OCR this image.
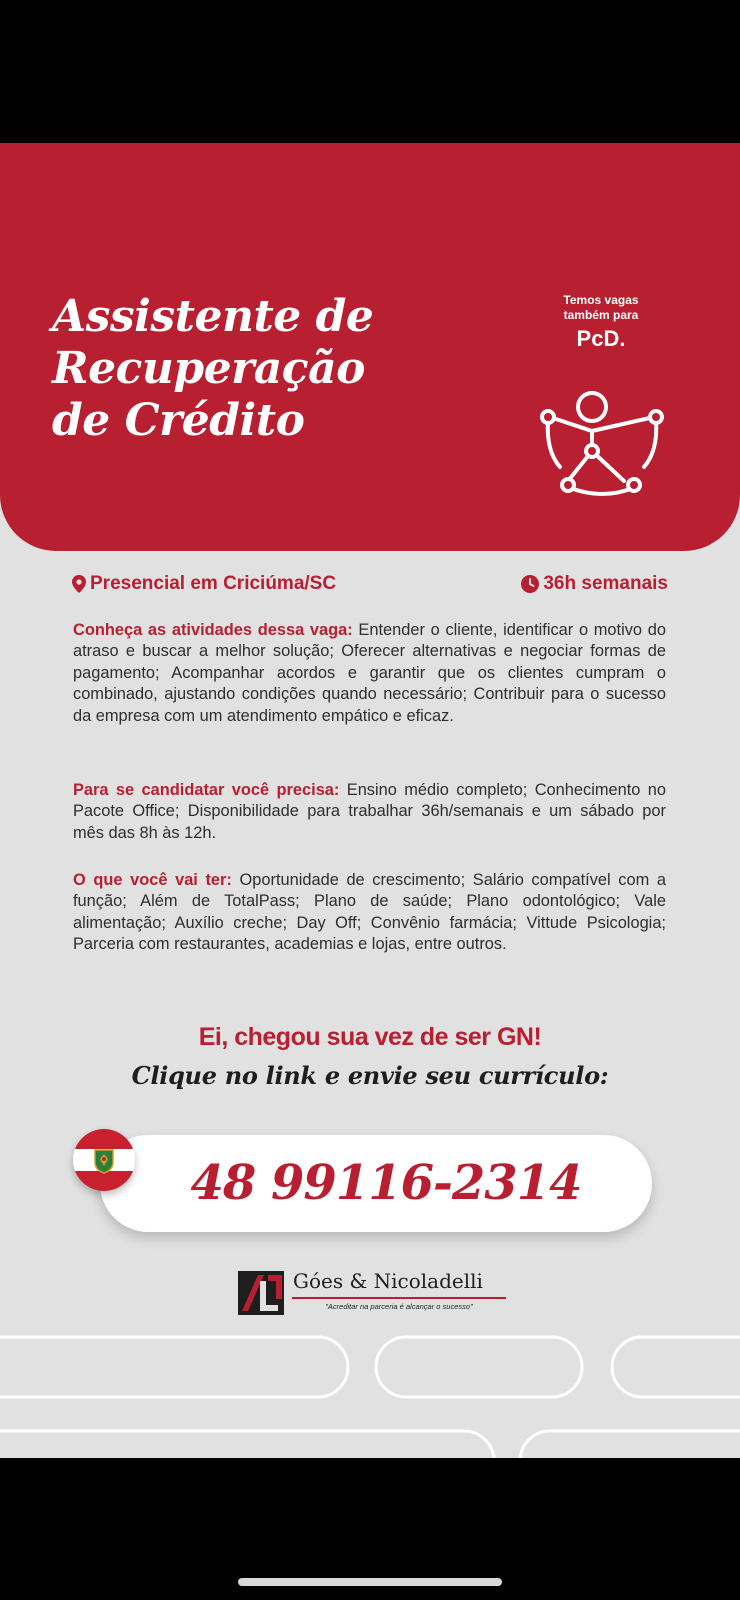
Assistente de
Recuperação
de Crédito
Temos vagas
também para
PcD.
Presencial em Criciúma/SC	36h semanais

Conheça as atividades dessa vaga: Entender o cliente, identificar o motivo do atraso e buscar a melhor solução; Oferecer alternativas e negociar formas de pagamento; Acompanhar acordos e garantir que os clientes cumpram o combinado, ajustando condições quando necessário; Contribuir para o sucesso da empresa com um atendimento empático e eficaz.

Para se candidatar você precisa: Ensino médio completo; Conhecimento no Pacote Office; Disponibilidade para trabalhar 36h/semanais e um sábado por mês das 8h às 12h.

O que você vai ter: Oportunidade de crescimento; Salário compatível com a função; Além de TotalPass; Plano de saúde; Plano odontológico; Vale alimentação; Auxílio creche; Day Off; Convênio farmácia; Vittude Psicologia; Parceria com restaurantes, academias e lojas, entre outros.

Ei, chegou sua vez de ser GN!
Clique no link e envie seu currículo:
48 99116-2314
Góes & Nicoladelli
"Acreditar na parceria é alcançar o sucesso"
